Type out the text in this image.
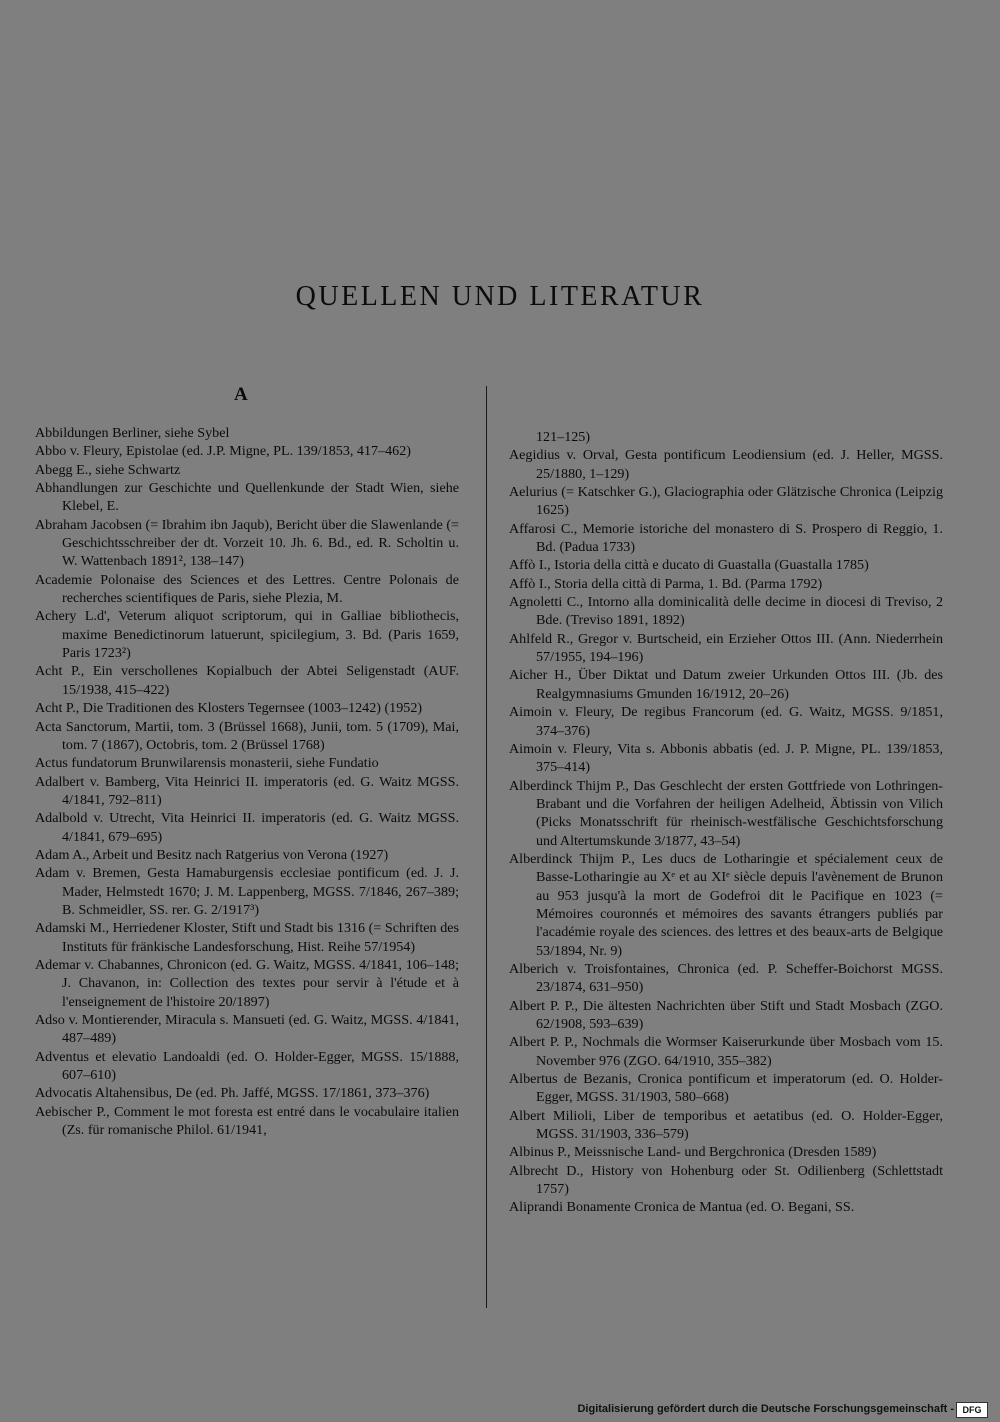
QUELLEN UND LITERATUR
A

Abbildungen Berliner, siehe Sybel

Abbo v. Fleury, Epistolae (ed. J.P. Migne, PL. 139/1853, 417–462)

Abegg E., siehe Schwartz

Abhandlungen zur Geschichte und Quellenkunde der Stadt Wien, siehe Klebel, E.

Abraham Jacobsen (= Ibrahim ibn Jaqub), Bericht über die Slawenlande (= Geschichtsschreiber der dt. Vorzeit 10. Jh. 6. Bd., ed. R. Scholtin u. W. Wattenbach 1891², 138–147)

Academie Polonaise des Sciences et des Lettres. Centre Polonais de recherches scientifiques de Paris, siehe Plezia, M.

Achery L.d', Veterum aliquot scriptorum, qui in Galliae bibliothecis, maxime Benedictinorum latuerunt, spicilegium, 3. Bd. (Paris 1659, Paris 1723²)

Acht P., Ein verschollenes Kopialbuch der Abtei Seligenstadt (AUF. 15/1938, 415–422)

Acht P., Die Traditionen des Klosters Tegernsee (1003–1242) (1952)

Acta Sanctorum, Martii, tom. 3 (Brüssel 1668), Junii, tom. 5 (1709), Mai, tom. 7 (1867), Octobris, tom. 2 (Brüssel 1768)

Actus fundatorum Brunwilarensis monasterii, siehe Fundatio

Adalbert v. Bamberg, Vita Heinrici II. imperatoris (ed. G. Waitz MGSS. 4/1841, 792–811)

Adalbold v. Utrecht, Vita Heinrici II. imperatoris (ed. G. Waitz MGSS. 4/1841, 679–695)

Adam A., Arbeit und Besitz nach Ratgerius von Verona (1927)

Adam v. Bremen, Gesta Hamaburgensis ecclesiae pontificum (ed. J. J. Mader, Helmstedt 1670; J. M. Lappenberg, MGSS. 7/1846, 267–389; B. Schmeidler, SS. rer. G. 2/1917³)

Adamski M., Herriedener Kloster, Stift und Stadt bis 1316 (= Schriften des Instituts für fränkische Landesforschung, Hist. Reihe 57/1954)

Ademar v. Chabannes, Chronicon (ed. G. Waitz, MGSS. 4/1841, 106–148; J. Chavanon, in: Collection des textes pour servir à l'étude et à l'enseignement de l'histoire 20/1897)

Adso v. Montierender, Miracula s. Mansueti (ed. G. Waitz, MGSS. 4/1841, 487–489)

Adventus et elevatio Landoaldi (ed. O. Holder-Egger, MGSS. 15/1888, 607–610)

Advocatis Altahensibus, De (ed. Ph. Jaffé, MGSS. 17/1861, 373–376)

Aebischer P., Comment le mot foresta est entré dans le vocabulaire italien (Zs. für romanische Philol. 61/1941,

121–125)

Aegidius v. Orval, Gesta pontificum Leodiensium (ed. J. Heller, MGSS. 25/1880, 1–129)

Aelurius (= Katschker G.), Glaciographia oder Glätzische Chronica (Leipzig 1625)

Affarosi C., Memorie istoriche del monastero di S. Prospero di Reggio, 1. Bd. (Padua 1733)

Affò I., Istoria della città e ducato di Guastalla (Guastalla 1785)

Affò I., Storia della città di Parma, 1. Bd. (Parma 1792)

Agnoletti C., Intorno alla dominicalità delle decime in diocesi di Treviso, 2 Bde. (Treviso 1891, 1892)

Ahlfeld R., Gregor v. Burtscheid, ein Erzieher Ottos III. (Ann. Niederrhein 57/1955, 194–196)

Aicher H., Über Diktat und Datum zweier Urkunden Ottos III. (Jb. des Realgymnasiums Gmunden 16/1912, 20–26)

Aimoin v. Fleury, De regibus Francorum (ed. G. Waitz, MGSS. 9/1851, 374–376)

Aimoin v. Fleury, Vita s. Abbonis abbatis (ed. J. P. Migne, PL. 139/1853, 375–414)

Alberdinck Thijm P., Das Geschlecht der ersten Gottfriede von Lothringen-Brabant und die Vorfahren der heiligen Adelheid, Äbtissin von Vilich (Picks Monatsschrift für rheinisch-westfälische Geschichtsforschung und Altertumskunde 3/1877, 43–54)

Alberdinck Thijm P., Les ducs de Lotharingie et spécialement ceux de Basse-Lotharingie au Xᵉ et au XIᵉ siècle depuis l'avènement de Brunon au 953 jusqu'à la mort de Godefroi dit le Pacifique en 1023 (= Mémoires couronnés et mémoires des savants étrangers publiés par l'académie royale des sciences. des lettres et des beaux-arts de Belgique 53/1894, Nr. 9)

Alberich v. Troisfontaines, Chronica (ed. P. Scheffer-Boichorst MGSS. 23/1874, 631–950)

Albert P. P., Die ältesten Nachrichten über Stift und Stadt Mosbach (ZGO. 62/1908, 593–639)

Albert P. P., Nochmals die Wormser Kaiserurkunde über Mosbach vom 15. November 976 (ZGO. 64/1910, 355–382)

Albertus de Bezanis, Cronica pontificum et imperatorum (ed. O. Holder-Egger, MGSS. 31/1903, 580–668)

Albert Milioli, Liber de temporibus et aetatibus (ed. O. Holder-Egger, MGSS. 31/1903, 336–579)

Albinus P., Meissnische Land- und Bergchronica (Dresden 1589)

Albrecht D., History von Hohenburg oder St. Odilienberg (Schlettstadt 1757)

Aliprandi Bonamente Cronica de Mantua (ed. O. Begani, SS.

Digitalisierung gefördert durch die Deutsche Forschungsgemeinschaft - DFG
